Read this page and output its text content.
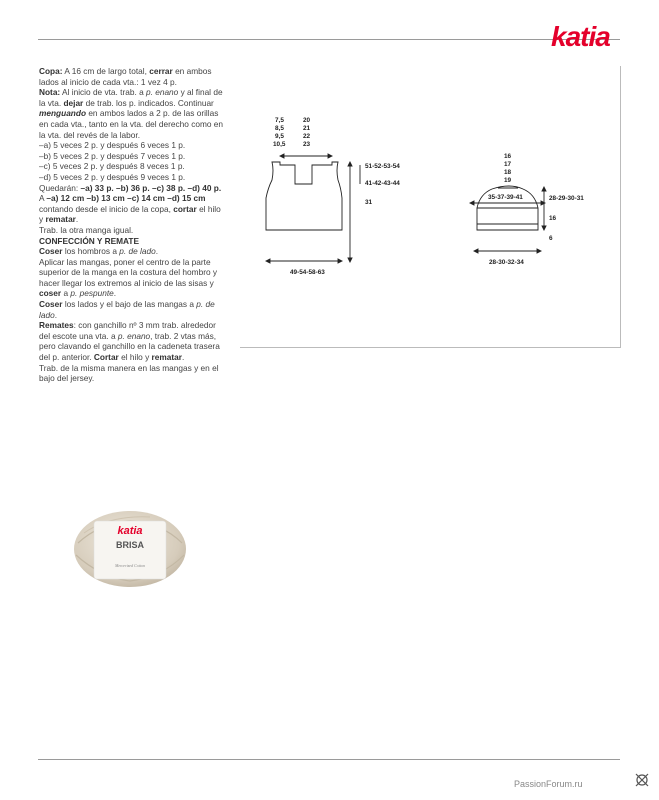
katia

Copa: A 16 cm de largo total, cerrar en ambos lados al inicio de cada vta.: 1 vez 4 p.

Nota: Al inicio de vta. trab. a p. enano y al final de la vta. dejar de trab. los p. indicados. Continuar menguando en ambos lados a 2 p. de las orillas en cada vta., tanto en la vta. del derecho como en la vta. del revés de la labor.

–a) 5 veces 2 p. y después 6 veces 1 p.

–b) 5 veces 2 p. y después 7 veces 1 p.

–c) 5 veces 2 p. y después 8 veces 1 p.

–d) 5 veces 2 p. y después 9 veces 1 p.

Quedarán: –a) 33 p. –b) 36 p. –c) 38 p. –d) 40 p.

A –a) 12 cm –b) 13 cm –c) 14 cm –d) 15 cm contando desde el inicio de la copa, cortar el hilo y rematar.

Trab. la otra manga igual.

CONFECCIÓN Y REMATE

Coser los hombros a p. de lado.

Aplicar las mangas, poner el centro de la parte superior de la manga en la costura del hombro y hacer llegar los extremos al inicio de las sisas y coser a p. pespunte.

Coser los lados y el bajo de las mangas a p. de lado.

Remates: con ganchillo nº 3 mm trab. alrededor del escote una vta. a p. enano, trab. 2 vtas más, pero clavando el ganchillo en la cadeneta trasera del p. anterior. Cortar el hilo y rematar.

Trab. de la misma manera en las mangas y en el bajo del jersey.

7,5
8,5
9,5
10,5
20
21
22
23
51-52-53-54
41-42-43-44
31
49-54-58-63
16
17
18
19
28-29-30-31
35-37-39-41
16
6
28-30-32-34
katia
BRISA
Mercerized Cotton
PassionForum.ru
